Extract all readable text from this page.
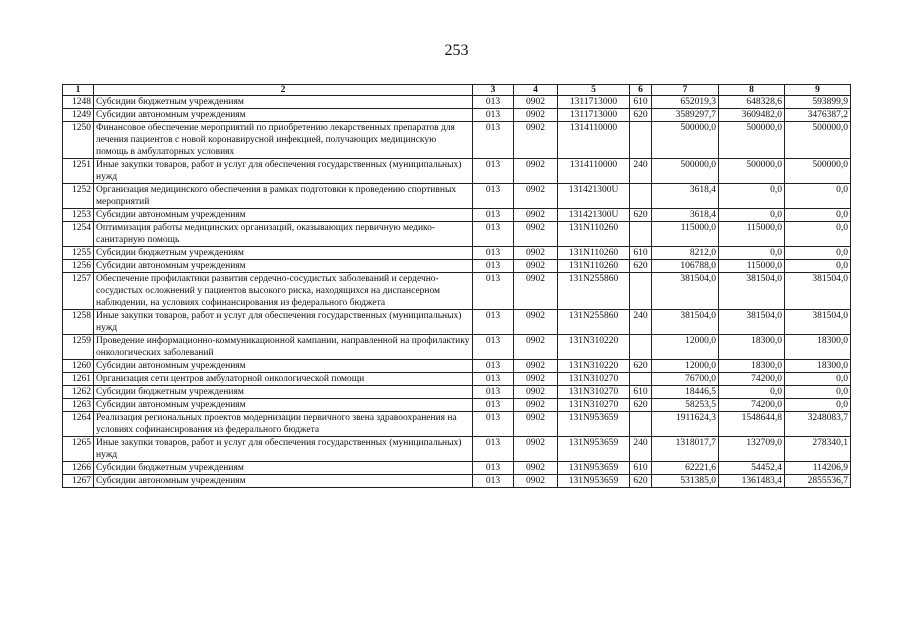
253
1	2	3	4	5	6	7	8	9
1248	Субсидии бюджетным учреждениям	013	0902	1311713000	610	652019,3	648328,6	593899,9
1249	Субсидии автономным учреждениям	013	0902	1311713000	620	3589297,7	3609482,0	3476387,2
1250	Финансовое обеспечение мероприятий по приобретению лекарственных препаратов для лечения пациентов с новой коронавирусной инфекцией, получающих медицинскую помощь в амбулаторных условиях	013	0902	1314110000		500000,0	500000,0	500000,0
1251	Иные закупки товаров, работ и услуг для обеспечения государственных (муниципальных) нужд	013	0902	1314110000	240	500000,0	500000,0	500000,0
1252	Организация медицинского обеспечения в рамках подготовки к проведению спортивных мероприятий	013	0902	131421300U		3618,4	0,0	0,0
1253	Субсидии автономным учреждениям	013	0902	131421300U	620	3618,4	0,0	0,0
1254	Оптимизация работы медицинских организаций, оказывающих первичную медико-санитарную помощь	013	0902	131N110260		115000,0	115000,0	0,0
1255	Субсидии бюджетным учреждениям	013	0902	131N110260	610	8212,0	0,0	0,0
1256	Субсидии автономным учреждениям	013	0902	131N110260	620	106788,0	115000,0	0,0
1257	Обеспечение профилактики развития сердечно-сосудистых заболеваний и сердечно-сосудистых осложнений у пациентов высокого риска, находящихся на диспансерном наблюдении, на условиях софинансирования из федерального бюджета	013	0902	131N255860		381504,0	381504,0	381504,0
1258	Иные закупки товаров, работ и услуг для обеспечения государственных (муниципальных) нужд	013	0902	131N255860	240	381504,0	381504,0	381504,0
1259	Проведение информационно-коммуникационной кампании, направленной на профилактику онкологических заболеваний	013	0902	131N310220		12000,0	18300,0	18300,0
1260	Субсидии автономным учреждениям	013	0902	131N310220	620	12000,0	18300,0	18300,0
1261	Организация сети центров амбулаторной онкологической помощи	013	0902	131N310270		76700,0	74200,0	0,0
1262	Субсидии бюджетным учреждениям	013	0902	131N310270	610	18446,5	0,0	0,0
1263	Субсидии автономным учреждениям	013	0902	131N310270	620	58253,5	74200,0	0,0
1264	Реализация региональных проектов модернизации первичного звена здравоохранения на условиях софинансирования из федерального бюджета	013	0902	131N953659		1911624,3	1548644,8	3248083,7
1265	Иные закупки товаров, работ и услуг для обеспечения государственных (муниципальных) нужд	013	0902	131N953659	240	1318017,7	132709,0	278340,1
1266	Субсидии бюджетным учреждениям	013	0902	131N953659	610	62221,6	54452,4	114206,9
1267	Субсидии автономным учреждениям	013	0902	131N953659	620	531385,0	1361483,4	2855536,7
